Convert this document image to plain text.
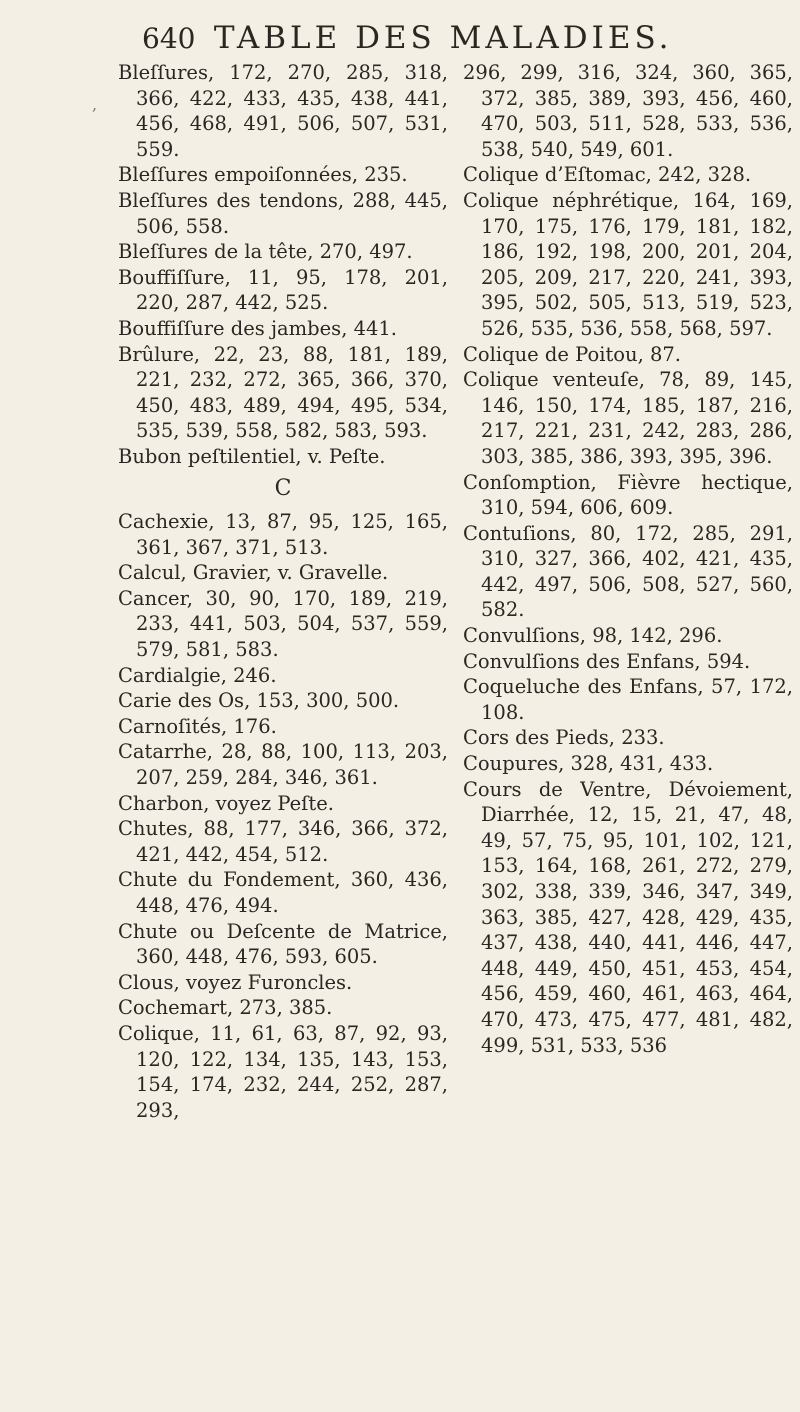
640 TABLE DES MALADIES.
,
Bleſſures, 172, 270, 285, 318, 366, 422, 433, 435, 438, 441, 456, 468, 491, 506, 507, 531, 559.
Bleſſures empoiſonnées, 235.
Bleſſures des tendons, 288, 445, 506, 558.
Bleſſures de la tête, 270, 497.
Bouffiſſure, 11, 95, 178, 201, 220, 287, 442, 525.
Bouffiſſure des jambes, 441.
Brûlure, 22, 23, 88, 181, 189, 221, 232, 272, 365, 366, 370, 450, 483, 489, 494, 495, 534, 535, 539, 558, 582, 583, 593.
Bubon peſtilentiel, v. Peſte.
C
Cachexie, 13, 87, 95, 125, 165, 361, 367, 371, 513.
Calcul, Gravier, v. Gravelle.
Cancer, 30, 90, 170, 189, 219, 233, 441, 503, 504, 537, 559, 579, 581, 583.
Cardialgie, 246.
Carie des Os, 153, 300, 500.
Carnoſités, 176.
Catarrhe, 28, 88, 100, 113, 203, 207, 259, 284, 346, 361.
Charbon, voyez Peſte.
Chutes, 88, 177, 346, 366, 372, 421, 442, 454, 512.
Chute du Fondement, 360, 436, 448, 476, 494.
Chute ou Deſcente de Matrice, 360, 448, 476, 593, 605.
Clous, voyez Furoncles.
Cochemart, 273, 385.
Colique, 11, 61, 63, 87, 92, 93, 120, 122, 134, 135, 143, 153, 154, 174, 232, 244, 252, 287, 293,
296, 299, 316, 324, 360, 365, 372, 385, 389, 393, 456, 460, 470, 503, 511, 528, 533, 536, 538, 540, 549, 601.
Colique d’Eſtomac, 242, 328.
Colique néphrétique, 164, 169, 170, 175, 176, 179, 181, 182, 186, 192, 198, 200, 201, 204, 205, 209, 217, 220, 241, 393, 395, 502, 505, 513, 519, 523, 526, 535, 536, 558, 568, 597.
Colique de Poitou, 87.
Colique venteuſe, 78, 89, 145, 146, 150, 174, 185, 187, 216, 217, 221, 231, 242, 283, 286, 303, 385, 386, 393, 395, 396.
Conſomption, Fièvre hectique, 310, 594, 606, 609.
Contuſions, 80, 172, 285, 291, 310, 327, 366, 402, 421, 435, 442, 497, 506, 508, 527, 560, 582.
Convulſions, 98, 142, 296.
Convulſions des Enfans, 594.
Coqueluche des Enfans, 57, 172, 108.
Cors des Pieds, 233.
Coupures, 328, 431, 433.
Cours de Ventre, Dévoiement, Diarrhée, 12, 15, 21, 47, 48, 49, 57, 75, 95, 101, 102, 121, 153, 164, 168, 261, 272, 279, 302, 338, 339, 346, 347, 349, 363, 385, 427, 428, 429, 435, 437, 438, 440, 441, 446, 447, 448, 449, 450, 451, 453, 454, 456, 459, 460, 461, 463, 464, 470, 473, 475, 477, 481, 482, 499, 531, 533, 536
